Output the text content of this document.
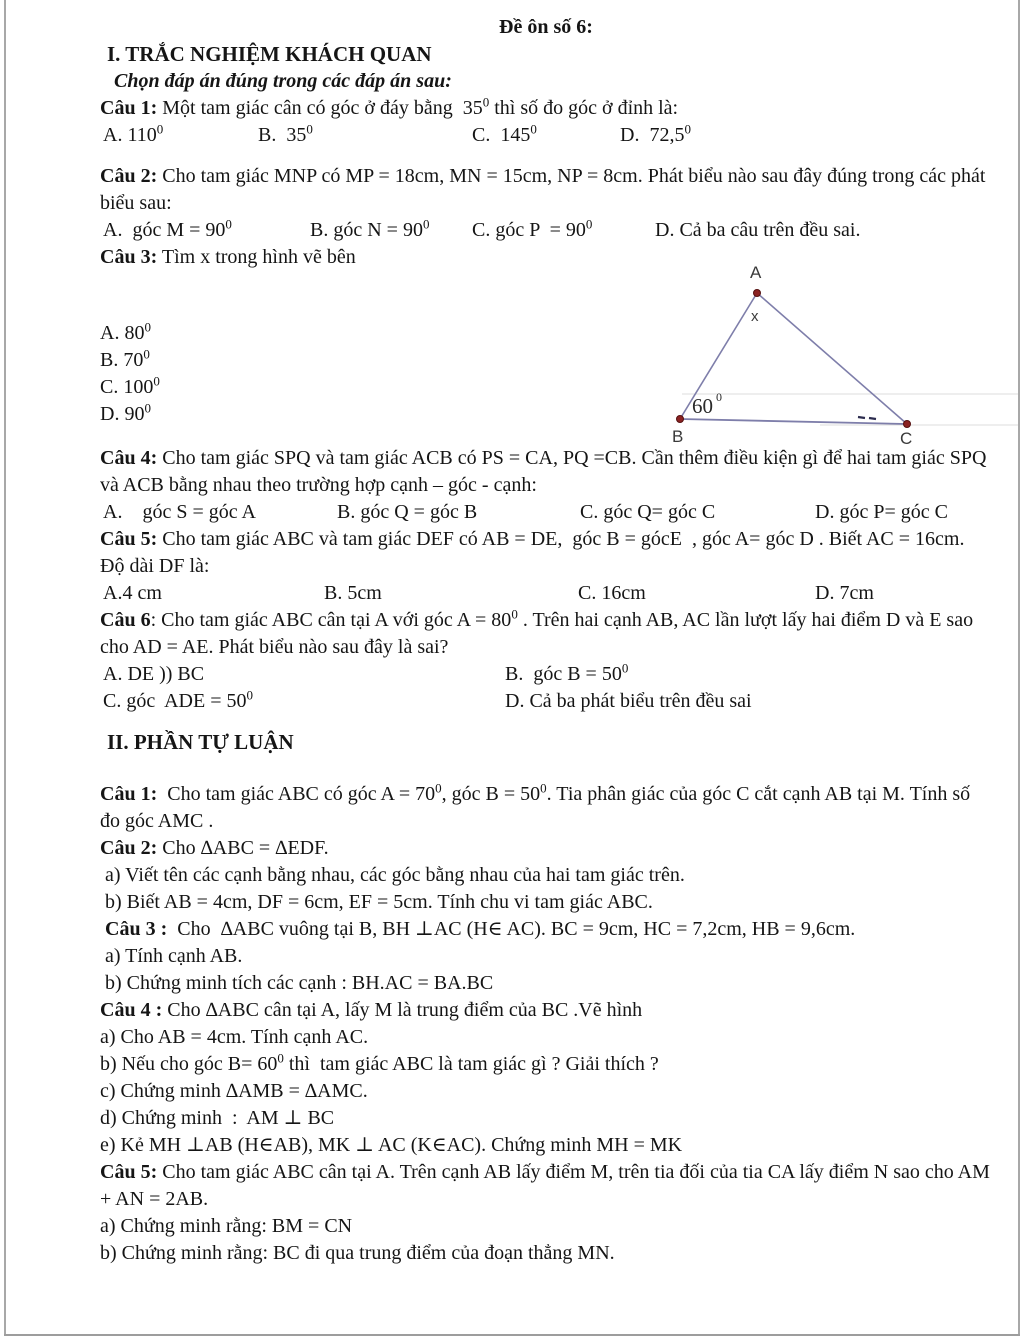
Đề ôn số 6:
I. TRẮC NGHIỆM KHÁCH QUAN
Chọn đáp án đúng trong các đáp án sau:
Câu 1: Một tam giác cân có góc ở đáy bằng  $35^0$ thì số đo góc ở đỉnh là:
A. $110^0$	B.  $35^0$	C.  $145^0$	D.  72,5$^0$
Câu 2: Cho tam giác MNP có MP = 18cm, MN = 15cm, NP = 8cm. Phát biểu nào sau đây đúng trong các phát biểu sau:
A.  góc $M = 90^0$	B. góc $N = 90^0$	C. góc $P = 90^0$	D. Cả ba câu trên đều sai.
Câu 3: Tìm x trong hình vẽ bên
A. $80^0$
B. $70^0$
C. $100^0$
D. $90^0$
Câu 4: Cho tam giác SPQ và tam giác ACB có PS = CA, PQ =CB. Cần thêm điều kiện gì để hai tam giác SPQ và ACB bằng nhau theo trường hợp cạnh – góc - cạnh:
A.    góc S = góc A	B. góc Q = góc B	C. góc Q= góc C	D. góc P= góc C
Câu 5: Cho tam giác ABC và tam giác DEF có AB = DE,  góc B = gócE  , góc A= góc D . Biết AC = 16cm. Độ dài DF là:
A.4 cm	B. 5cm	C. 16cm	D. 7cm
Câu 6: Cho tam giác ABC cân tại A với góc $A = 80^0$ . Trên hai cạnh AB, AC lần lượt lấy hai điểm D và E sao cho AD = AE. Phát biểu nào sau đây là sai?
A. DE )) BC	B.  góc $B = 50^0$
C. góc  ADE = $50^0$	D. Cả ba phát biểu trên đều sai
II. PHẦN TỰ LUẬN
Câu 1:  Cho tam giác ABC có góc $A = 70^0$, góc $B = 50^0$. Tia phân giác của góc C cắt cạnh AB tại M. Tính số đo góc AMC .
Câu 2: Cho ∆ABC = ∆EDF.
a) Viết tên các cạnh bằng nhau, các góc bằng nhau của hai tam giác trên.
b) Biết AB = 4cm, DF = 6cm, EF = 5cm. Tính chu vi tam giác ABC.
Câu 3 :  Cho  ∆ABC vuông tại B, BH ⊥AC (H∈ AC). BC = 9cm, HC = 7,2cm, HB = 9,6cm.
a) Tính cạnh AB.
b) Chứng minh tích các cạnh : BH.AC = BA.BC
Câu 4 : Cho ∆ABC cân tại A, lấy M là trung điểm của BC .Vẽ hình
a) Cho AB = 4cm. Tính cạnh AC.
b) Nếu cho góc $B= 60^0$ thì  tam giác ABC là tam giác gì ? Giải thích ?
c) Chứng minh ∆AMB = ∆AMC.
d) Chứng minh  :  AM ⊥ BC
e) Kẻ MH ⊥AB (H∈AB), MK ⊥ AC (K∈AC). Chứng minh MH = MK
Câu 5: Cho tam giác ABC cân tại A. Trên cạnh AB lấy điểm M, trên tia đối của tia CA lấy điểm N sao cho AM + AN = 2AB.
a) Chứng minh rằng: BM = CN
b) Chứng minh rằng: BC đi qua trung điểm của đoạn thẳng MN.
A
x
60 0
B	C
